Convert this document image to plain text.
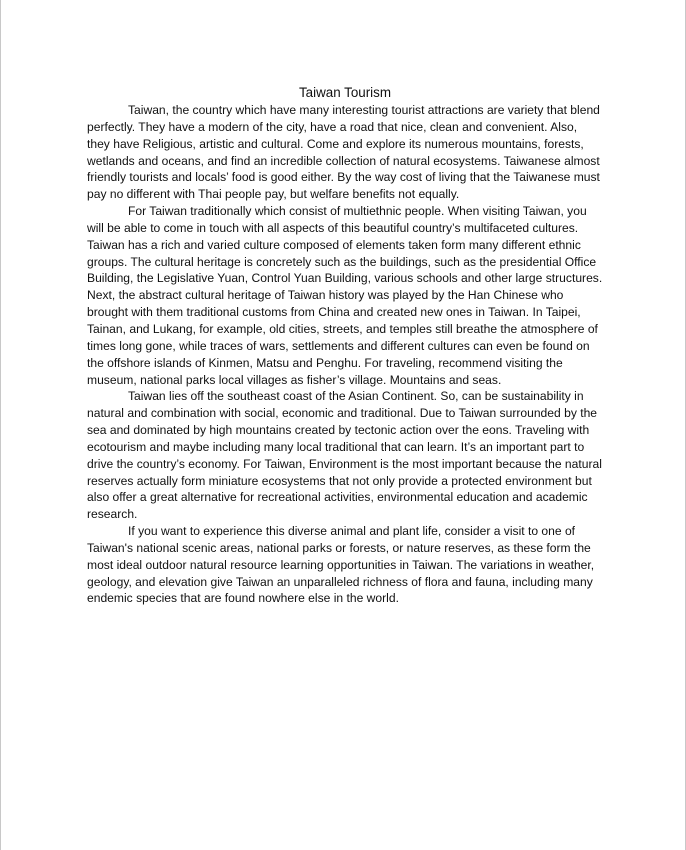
Taiwan Tourism

Taiwan, the country which have many interesting tourist attractions are variety that blend perfectly. They have a modern of the city, have a road that nice, clean and convenient. Also, they have Religious, artistic and cultural. Come and explore its numerous mountains, forests, wetlands and oceans, and find an incredible collection of natural ecosystems. Taiwanese almost friendly tourists and locals’ food is good either. By the way cost of living that the Taiwanese must pay no different with Thai people pay, but welfare benefits not equally.

For Taiwan traditionally which consist of multiethnic people. When visiting Taiwan, you will be able to come in touch with all aspects of this beautiful country’s multifaceted cultures. Taiwan has a rich and varied culture composed of elements taken form many different ethnic groups. The cultural heritage is concretely such as the buildings, such as the presidential Office Building, the Legislative Yuan, Control Yuan Building, various schools and other large structures. Next, the abstract cultural heritage of Taiwan history was played by the Han Chinese who brought with them traditional customs from China and created new ones in Taiwan. In Taipei, Tainan, and Lukang, for example, old cities, streets, and temples still breathe the atmosphere of times long gone, while traces of wars, settlements and different cultures can even be found on the offshore islands of Kinmen, Matsu and Penghu. For traveling, recommend visiting the museum, national parks local villages as fisher’s village. Mountains and seas.

Taiwan lies off the southeast coast of the Asian Continent. So, can be sustainability in natural and combination with social, economic and traditional. Due to Taiwan surrounded by the sea and dominated by high mountains created by tectonic action over the eons. Traveling with ecotourism and maybe including many local traditional that can learn. It’s an important part to drive the country’s economy. For Taiwan, Environment is the most important because the natural reserves actually form miniature ecosystems that not only provide a protected environment but also offer a great alternative for recreational activities, environmental education and academic research.

If you want to experience this diverse animal and plant life, consider a visit to one of Taiwan's national scenic areas, national parks or forests, or nature reserves, as these form the most ideal outdoor natural resource learning opportunities in Taiwan. The variations in weather, geology, and elevation give Taiwan an unparalleled richness of flora and fauna, including many endemic species that are found nowhere else in the world.
